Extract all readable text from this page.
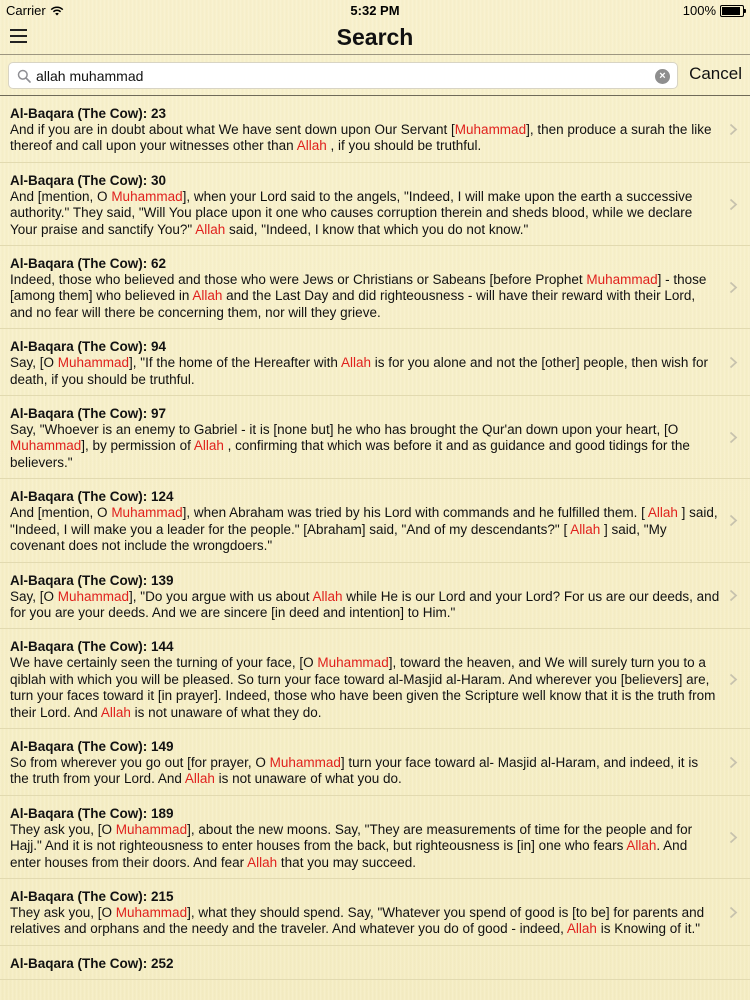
Carrier	5:32 PM	100%
Search
allah muhammad
× Cancel
Al-Baqara (The Cow): 23
And if you are in doubt about what We have sent down upon Our Servant [Muhammad], then produce a surah the like thereof and call upon your witnesses other than Allah , if you should be truthful.
Al-Baqara (The Cow): 30
And [mention, O Muhammad], when your Lord said to the angels, "Indeed, I will make upon the earth a successive authority." They said, "Will You place upon it one who causes corruption therein and sheds blood, while we declare Your praise and sanctify You?" Allah said, "Indeed, I know that which you do not know."
Al-Baqara (The Cow): 62
Indeed, those who believed and those who were Jews or Christians or Sabeans [before Prophet Muhammad] - those [among them] who believed in Allah and the Last Day and did righteousness - will have their reward with their Lord, and no fear will there be concerning them, nor will they grieve.
Al-Baqara (The Cow): 94
Say, [O Muhammad], "If the home of the Hereafter with Allah is for you alone and not the [other] people, then wish for death, if you should be truthful.
Al-Baqara (The Cow): 97
Say, "Whoever is an enemy to Gabriel - it is [none but] he who has brought the Qur'an down upon your heart, [O Muhammad], by permission of Allah , confirming that which was before it and as guidance and good tidings for the believers."
Al-Baqara (The Cow): 124
And [mention, O Muhammad], when Abraham was tried by his Lord with commands and he fulfilled them. [ Allah ] said, "Indeed, I will make you a leader for the people." [Abraham] said, "And of my descendants?" [ Allah ] said, "My covenant does not include the wrongdoers."
Al-Baqara (The Cow): 139
Say, [O Muhammad], "Do you argue with us about Allah while He is our Lord and your Lord? For us are our deeds, and for you are your deeds. And we are sincere [in deed and intention] to Him."
Al-Baqara (The Cow): 144
We have certainly seen the turning of your face, [O Muhammad], toward the heaven, and We will surely turn you to a qiblah with which you will be pleased. So turn your face toward al-Masjid al-Haram. And wherever you [believers] are, turn your faces toward it [in prayer]. Indeed, those who have been given the Scripture well know that it is the truth from their Lord. And Allah is not unaware of what they do.
Al-Baqara (The Cow): 149
So from wherever you go out [for prayer, O Muhammad] turn your face toward al- Masjid al-Haram, and indeed, it is the truth from your Lord. And Allah is not unaware of what you do.
Al-Baqara (The Cow): 189
They ask you, [O Muhammad], about the new moons. Say, "They are measurements of time for the people and for Hajj." And it is not righteousness to enter houses from the back, but righteousness is [in] one who fears Allah. And enter houses from their doors. And fear Allah that you may succeed.
Al-Baqara (The Cow): 215
They ask you, [O Muhammad], what they should spend. Say, "Whatever you spend of good is [to be] for parents and relatives and orphans and the needy and the traveler. And whatever you do of good - indeed, Allah is Knowing of it."
Al-Baqara (The Cow): 252
